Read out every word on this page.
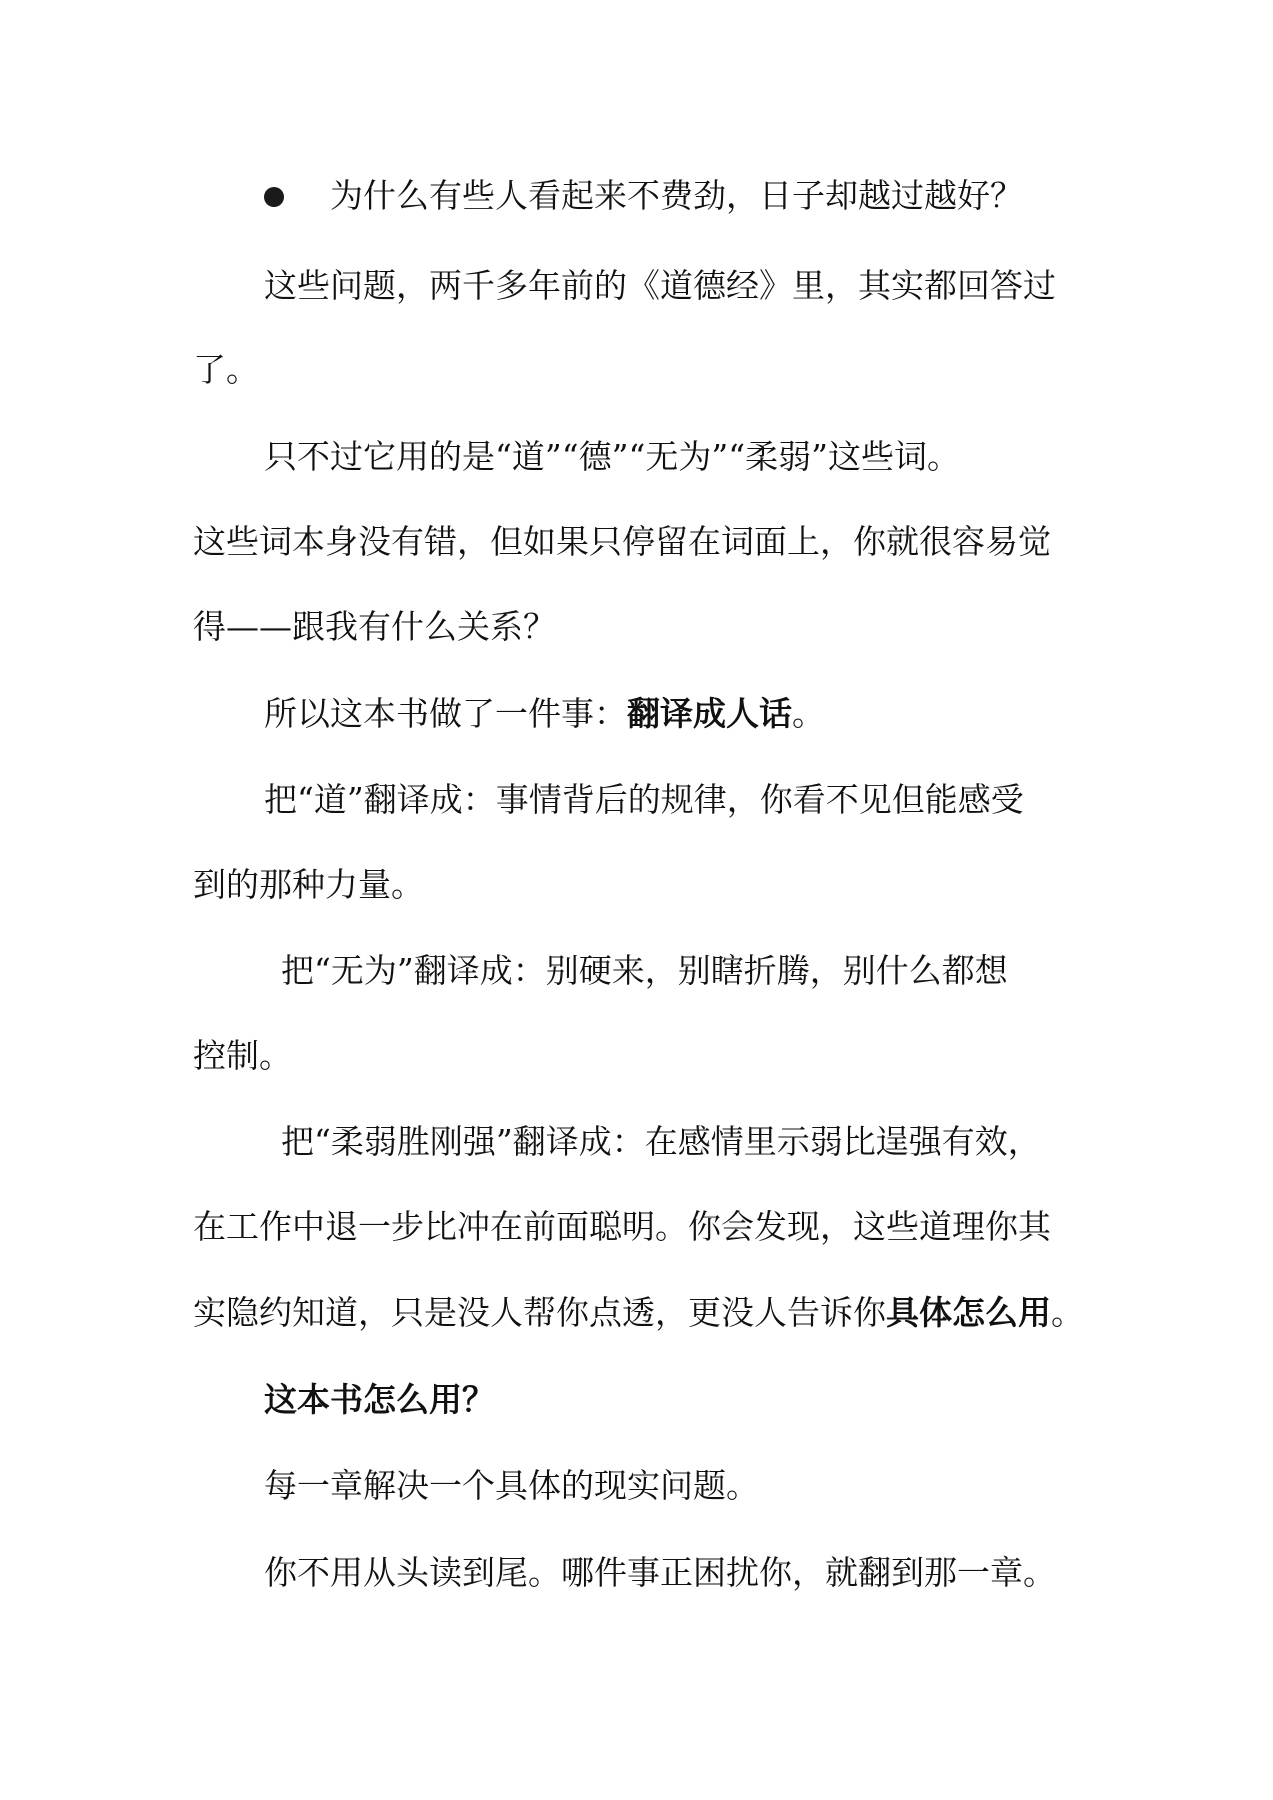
为什么有些人看起来不费劲，日子却越过越好？

这些问题，两千多年前的《道德经》里，其实都回答过

了。

只不过它用的是“道”“德”“无为”“柔弱”这些词。

这些词本身没有错，但如果只停留在词面上，你就很容易觉

得——跟我有什么关系？

所以这本书做了一件事：翻译成人话。

把“道”翻译成：事情背后的规律，你看不见但能感受

到的那种力量。

把“无为”翻译成：别硬来，别瞎折腾，别什么都想

控制。

把“柔弱胜刚强”翻译成：在感情里示弱比逞强有效，

在工作中退一步比冲在前面聪明。你会发现，这些道理你其

实隐约知道，只是没人帮你点透，更没人告诉你具体怎么用。

这本书怎么用？

每一章解决一个具体的现实问题。

你不用从头读到尾。哪件事正困扰你，就翻到那一章。
